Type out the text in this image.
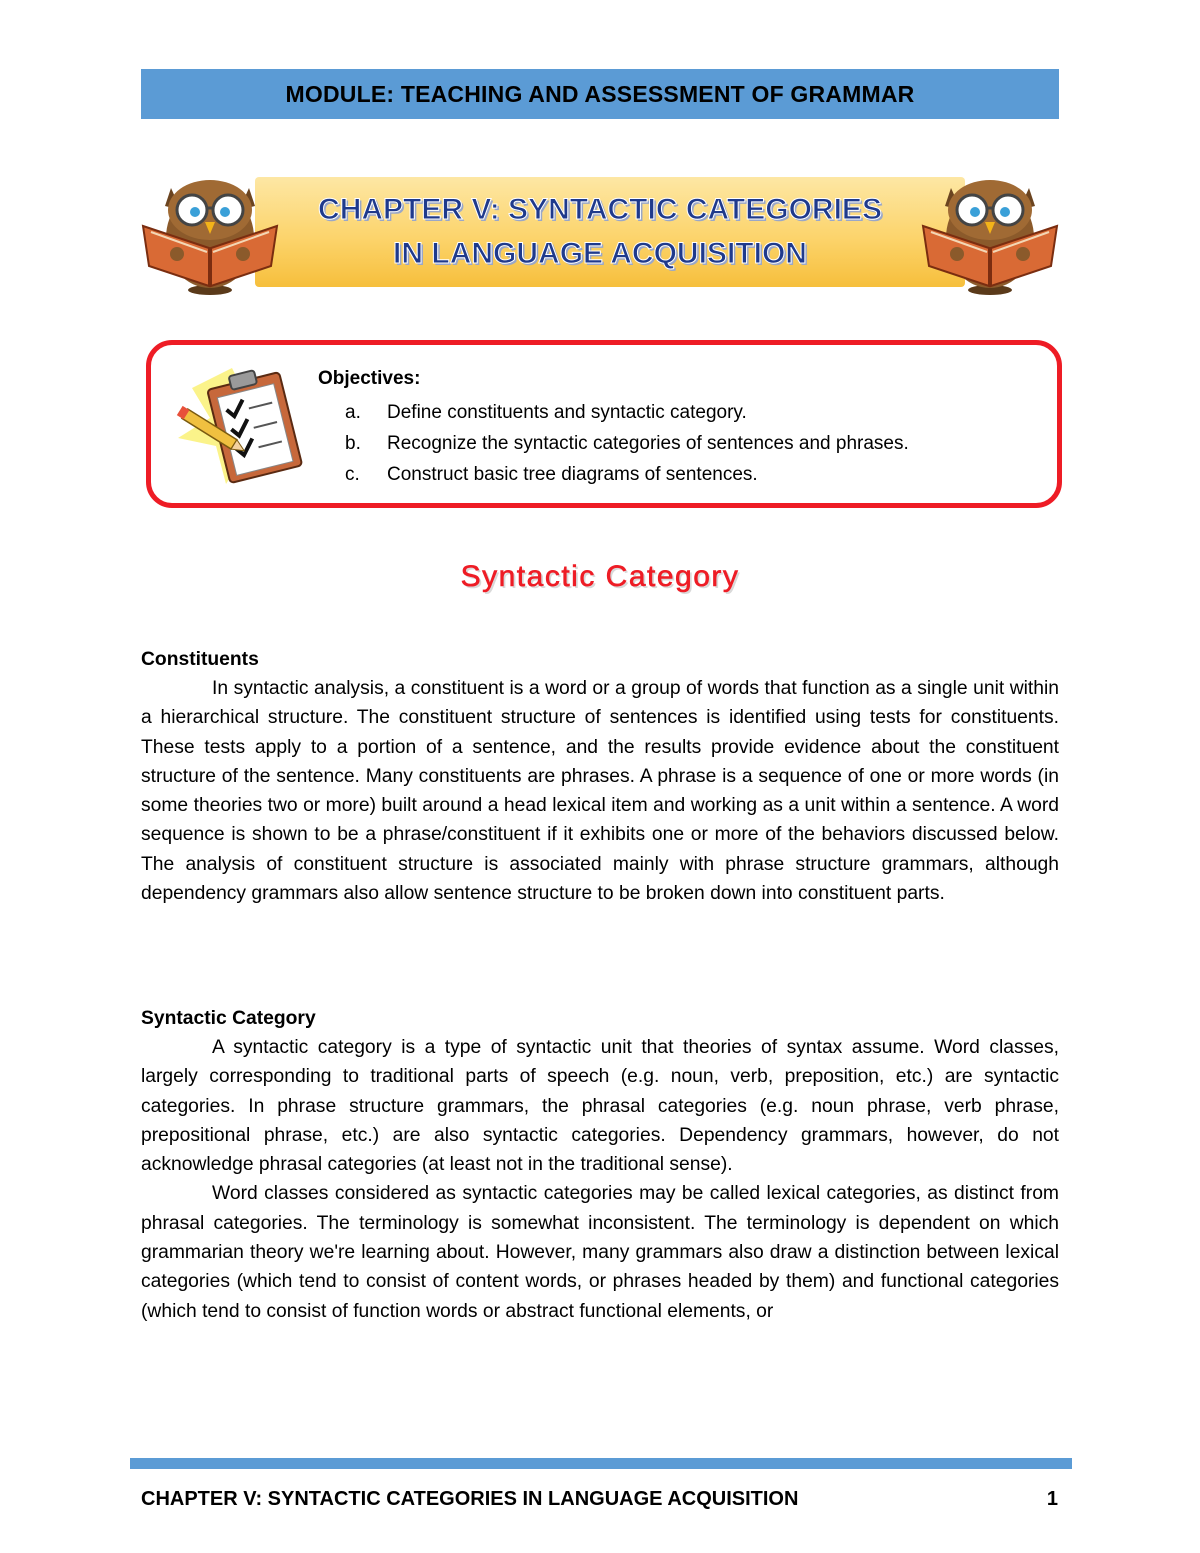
MODULE: TEACHING AND ASSESSMENT OF GRAMMAR
CHAPTER V: SYNTACTIC CATEGORIES
IN LANGUAGE ACQUISITION
Objectives:
a.	Define constituents and syntactic category.
b.	Recognize the syntactic categories of sentences and phrases.
c.	Construct basic tree diagrams of sentences.
Syntactic Category
Constituents

In syntactic analysis, a constituent is a word or a group of words that function as a single unit within a hierarchical structure. The constituent structure of sentences is identified using tests for constituents. These tests apply to a portion of a sentence, and the results provide evidence about the constituent structure of the sentence. Many constituents are phrases. A phrase is a sequence of one or more words (in some theories two or more) built around a head lexical item and working as a unit within a sentence. A word sequence is shown to be a phrase/constituent if it exhibits one or more of the behaviors discussed below. The analysis of constituent structure is associated mainly with phrase structure grammars, although dependency grammars also allow sentence structure to be broken down into constituent parts.

Syntactic Category

A syntactic category is a type of syntactic unit that theories of syntax assume. Word classes, largely corresponding to traditional parts of speech (e.g. noun, verb, preposition, etc.) are syntactic categories. In phrase structure grammars, the phrasal categories (e.g. noun phrase, verb phrase, prepositional phrase, etc.) are also syntactic categories. Dependency grammars, however, do not acknowledge phrasal categories (at least not in the traditional sense).

Word classes considered as syntactic categories may be called lexical categories, as distinct from phrasal categories. The terminology is somewhat inconsistent. The terminology is dependent on which grammarian theory we're learning about. However, many grammars also draw a distinction between lexical categories (which tend to consist of content words, or phrases headed by them) and functional categories (which tend to consist of function words or abstract functional elements, or

CHAPTER V: SYNTACTIC CATEGORIES IN LANGUAGE ACQUISITION	1
